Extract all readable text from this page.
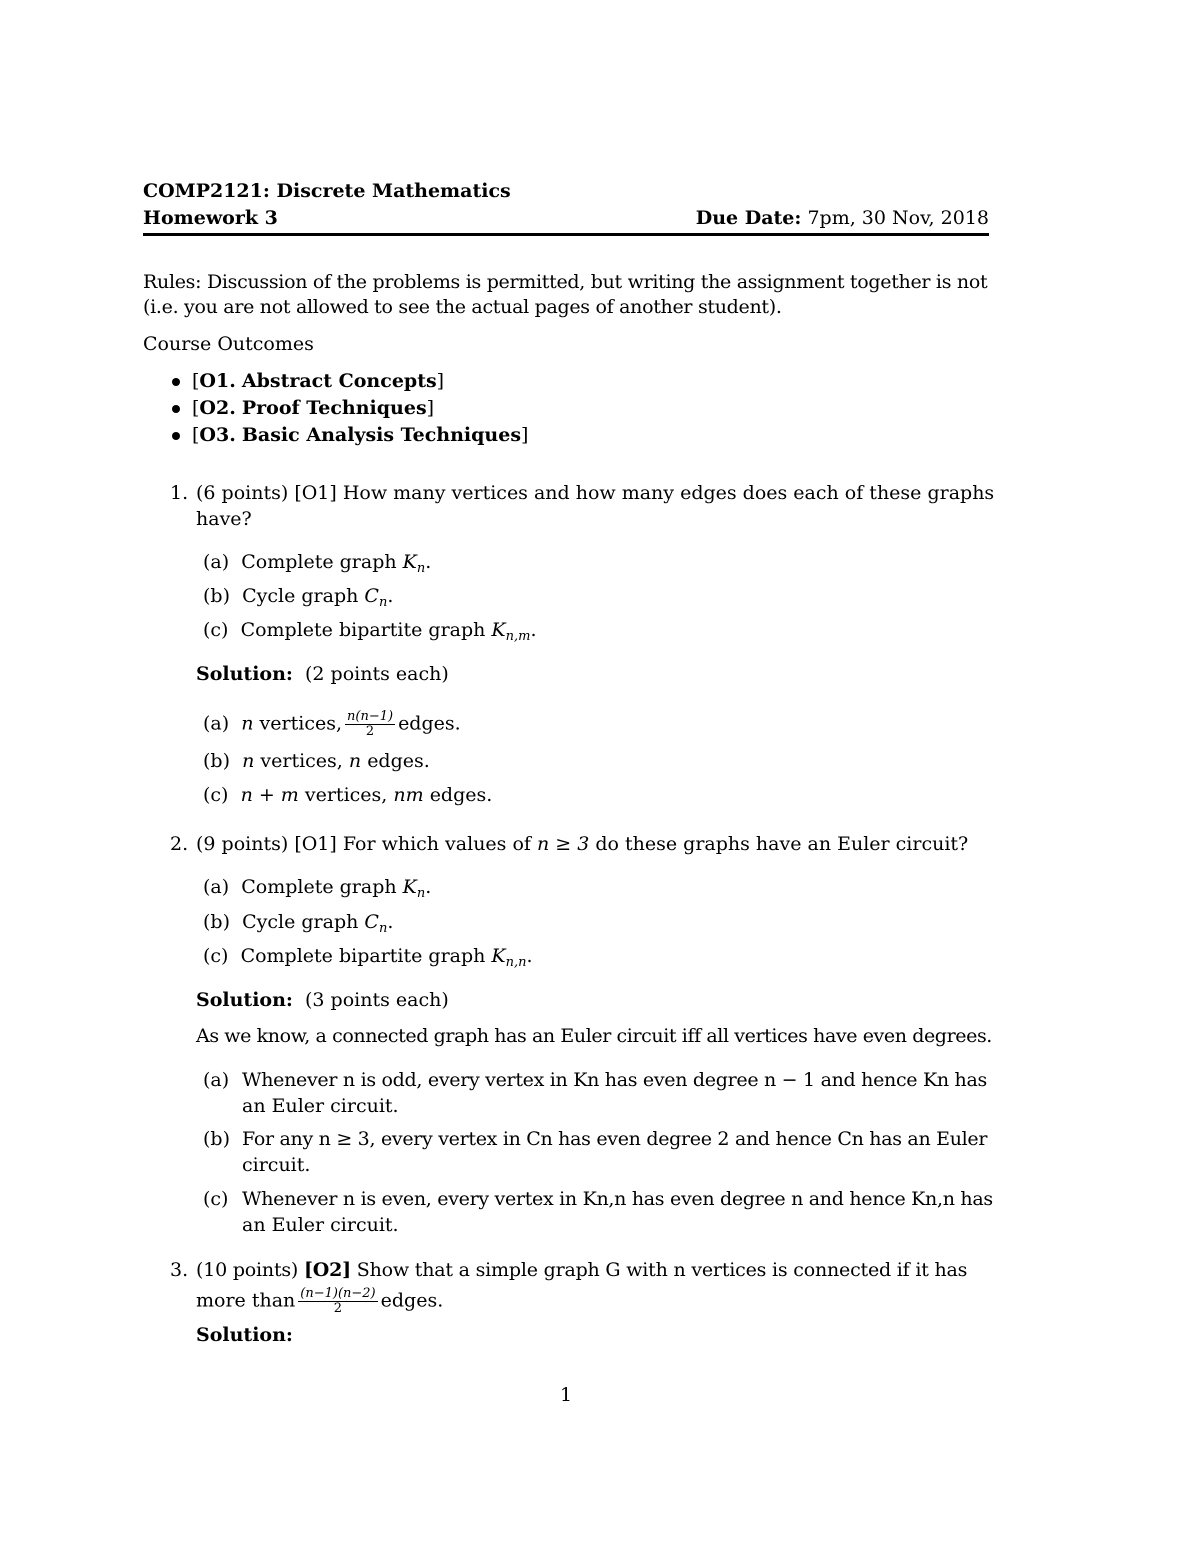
COMP2121: Discrete Mathematics
Homework 3	Due Date: 7pm, 30 Nov, 2018
Rules: Discussion of the problems is permitted, but writing the assignment together is not
(i.e. you are not allowed to see the actual pages of another student).
Course Outcomes
[O1. Abstract Concepts]
[O2. Proof Techniques]
[O3. Basic Analysis Techniques]
1. (6 points) [O1] How many vertices and how many edges does each of these graphs
have?
(a) Complete graph $K_n$.
(b) Cycle graph $C_n$.
(c) Complete bipartite graph $K_{n,m}$.
Solution: (2 points each)
(a) n vertices, $\frac{n(n-1)}{2}$ edges.
(b) n vertices, n edges.
(c) n + m vertices, nm edges.
2. (9 points) [O1] For which values of n ≥ 3 do these graphs have an Euler circuit?
(a) Complete graph $K_n$.
(b) Cycle graph $C_n$.
(c) Complete bipartite graph $K_{n,n}$.
Solution: (3 points each)
As we know, a connected graph has an Euler circuit iff all vertices have even degrees.
(a) Whenever n is odd, every vertex in Kn has even degree n − 1 and hence Kn has
an Euler circuit.
(b) For any n ≥ 3, every vertex in Cn has even degree 2 and hence Cn has an Euler
circuit.
(c) Whenever n is even, every vertex in Kn,n has even degree n and hence Kn,n has
an Euler circuit.
3. (10 points) [O2] Show that a simple graph G with n vertices is connected if it has
more than $\frac{(n-1)(n-2)}{2}$ edges.
Solution:
1
